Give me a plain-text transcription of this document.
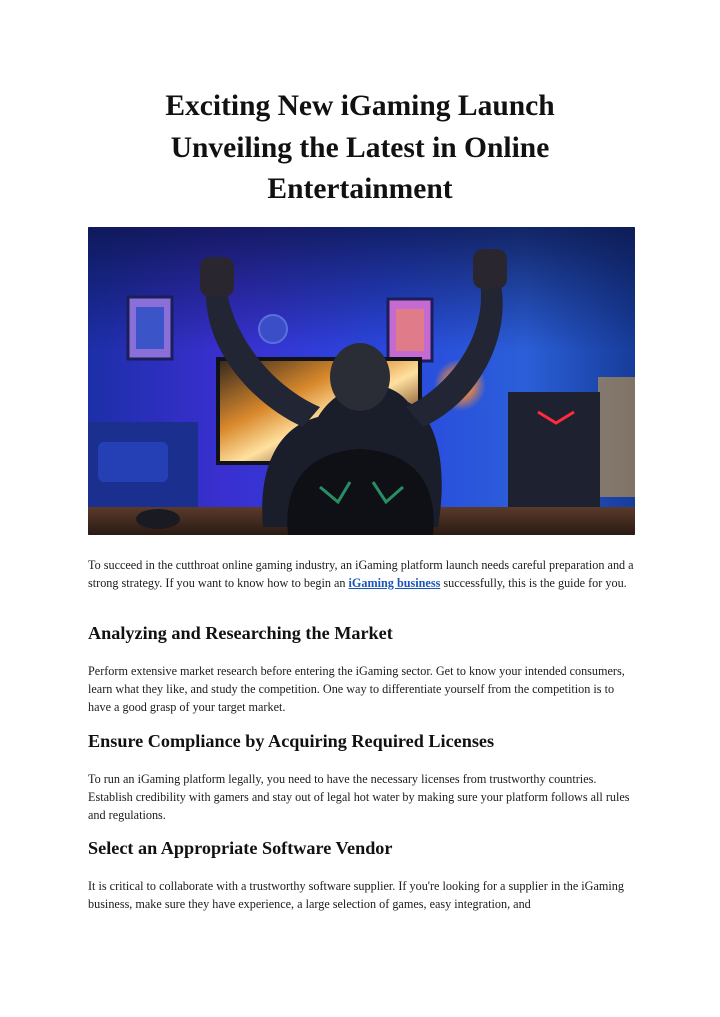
Exciting New iGaming Launch
Unveiling the Latest in Online
Entertainment

To succeed in the cutthroat online gaming industry, an iGaming platform launch needs careful preparation and a strong strategy. If you want to know how to begin an iGaming business successfully, this is the guide for you.

Analyzing and Researching the Market

Perform extensive market research before entering the iGaming sector. Get to know your intended consumers, learn what they like, and study the competition. One way to differentiate yourself from the competition is to have a good grasp of your target market.

Ensure Compliance by Acquiring Required Licenses

To run an iGaming platform legally, you need to have the necessary licenses from trustworthy countries. Establish credibility with gamers and stay out of legal hot water by making sure your platform follows all rules and regulations.

Select an Appropriate Software Vendor

It is critical to collaborate with a trustworthy software supplier. If you're looking for a supplier in the iGaming business, make sure they have experience, a large selection of games, easy integration, and
